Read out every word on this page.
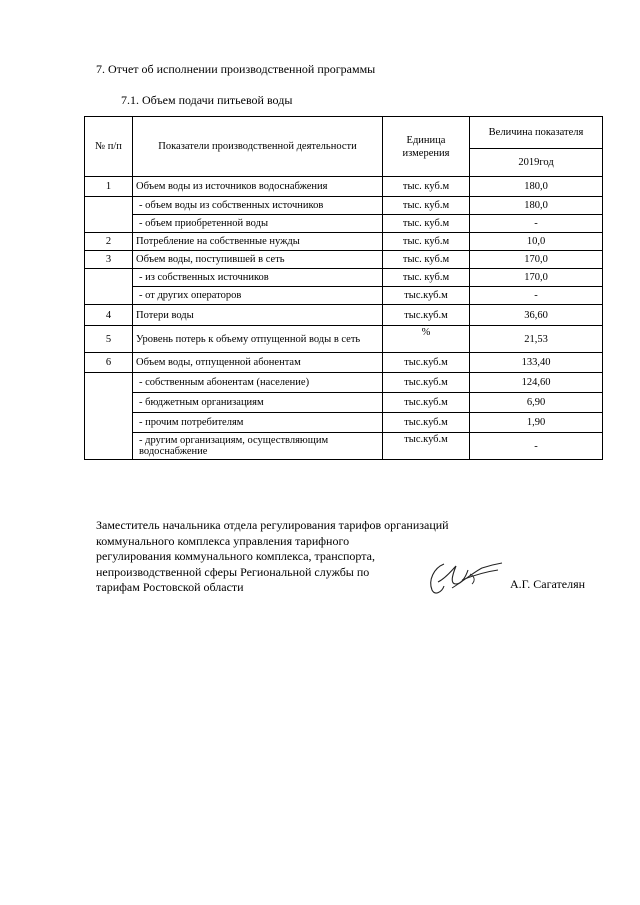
7. Отчет об исполнении производственной программы
7.1. Объем подачи питьевой воды
№ п/п	Показатели производственной деятельности	Единица измерения	Величина показателя
			2019год
1	Объем воды из источников водоснабжения	тыс. куб.м	180,0
	- объем воды из собственных источников	тыс. куб.м	180,0
	- объем приобретенной воды	тыс. куб.м	-
2	Потребление на собственные нужды	тыс. куб.м	10,0
3	Объем воды, поступившей в сеть	тыс. куб.м	170,0
	- из собственных источников	тыс. куб.м	170,0
	- от других операторов	тыс.куб.м	-
4	Потери воды	тыс.куб.м	36,60
5	Уровень потерь к объему отпущенной воды в сеть	%	21,53
6	Объем воды, отпущенной абонентам	тыс.куб.м	133,40
	- собственным абонентам (население)	тыс.куб.м	124,60
	- бюджетным организациям	тыс.куб.м	6,90
	- прочим потребителям	тыс.куб.м	1,90
	- другим организациям, осуществляющим водоснабжение	тыс.куб.м	-
Заместитель начальника отдела регулирования тарифов организаций
коммунального комплекса управления тарифного
регулирования коммунального комплекса, транспорта,
непроизводственной сферы Региональной службы по
тарифам Ростовской области	А.Г. Сагателян
